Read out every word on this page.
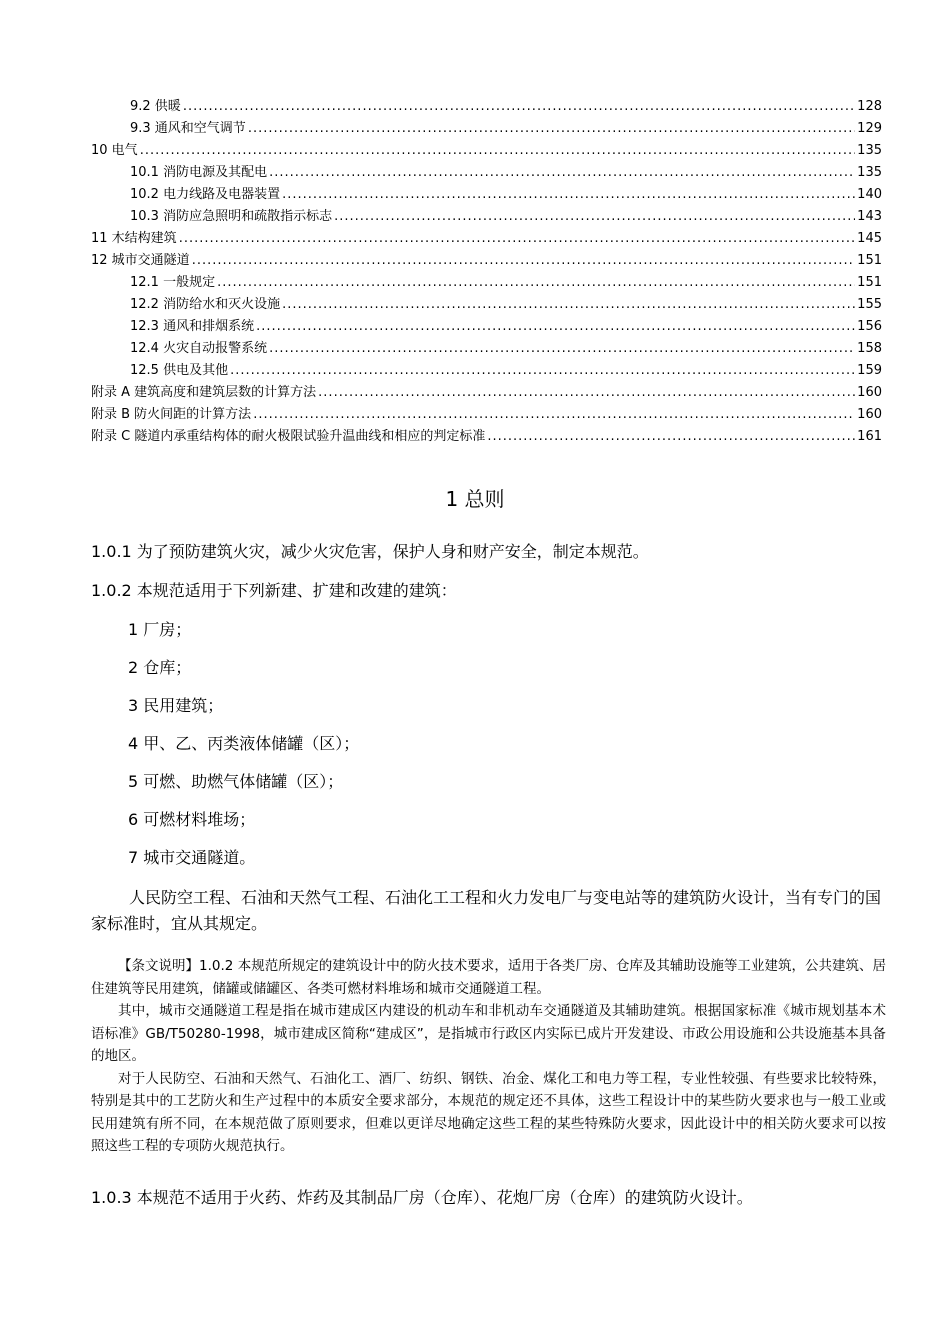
9.2 供暖 .....	128
9.3 通风和空气调节 .....	129
10 电气 .....	135
10.1 消防电源及其配电 .....	135
10.2 电力线路及电器装置 .....	140
10.3 消防应急照明和疏散指示标志 .....	143
11 木结构建筑 .....	145
12 城市交通隧道 .....	151
12.1 一般规定 .....	151
12.2 消防给水和灭火设施 .....	155
12.3 通风和排烟系统 .....	156
12.4 火灾自动报警系统 .....	158
12.5 供电及其他 .....	159
附录 A 建筑高度和建筑层数的计算方法 .....	160
附录 B 防火间距的计算方法 .....	160
附录 C 隧道内承重结构体的耐火极限试验升温曲线和相应的判定标准 .....	161
1 总则
1.0.1 为了预防建筑火灾，减少火灾危害，保护人身和财产安全，制定本规范。
1.0.2 本规范适用于下列新建、扩建和改建的建筑：
1 厂房；
2 仓库；
3 民用建筑；
4 甲、乙、丙类液体储罐（区）；
5 可燃、助燃气体储罐（区）；
6 可燃材料堆场；
7 城市交通隧道。
人民防空工程、石油和天然气工程、石油化工工程和火力发电厂与变电站等的建筑防火设计，当有专门的国家标准时，宜从其规定。

【条文说明】1.0.2 本规范所规定的建筑设计中的防火技术要求，适用于各类厂房、仓库及其辅助设施等工业建筑，公共建筑、居住建筑等民用建筑，储罐或储罐区、各类可燃材料堆场和城市交通隧道工程。

其中，城市交通隧道工程是指在城市建成区内建设的机动车和非机动车交通隧道及其辅助建筑。根据国家标准《城市规划基本术语标准》GB/T50280-1998，城市建成区简称“建成区”，是指城市行政区内实际已成片开发建设、市政公用设施和公共设施基本具备的地区。

对于人民防空、石油和天然气、石油化工、酒厂、纺织、钢铁、冶金、煤化工和电力等工程，专业性较强、有些要求比较特殊，特别是其中的工艺防火和生产过程中的本质安全要求部分，本规范的规定还不具体，这些工程设计中的某些防火要求也与一般工业或民用建筑有所不同，在本规范做了原则要求，但难以更详尽地确定这些工程的某些特殊防火要求，因此设计中的相关防火要求可以按照这些工程的专项防火规范执行。

1.0.3 本规范不适用于火药、炸药及其制品厂房（仓库）、花炮厂房（仓库）的建筑防火设计。
